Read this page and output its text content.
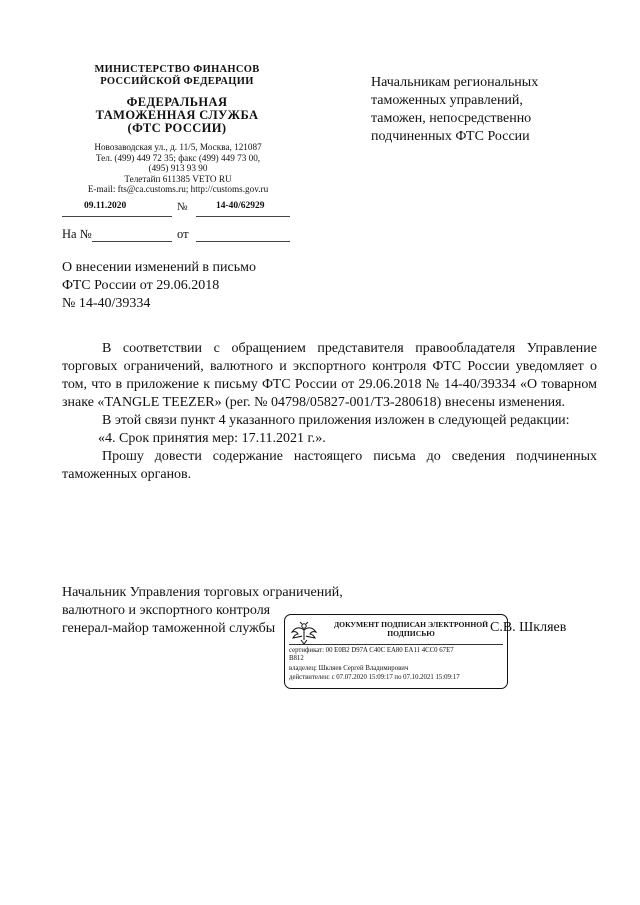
МИНИСТЕРСТВО ФИНАНСОВ
РОССИЙСКОЙ ФЕДЕРАЦИИ
ФЕДЕРАЛЬНАЯ
ТАМОЖЕННАЯ СЛУЖБА
(ФТС РОССИИ)
Новозаводская ул., д. 11/5, Москва, 121087
Тел. (499) 449 72 35; факс (499) 449 73 00,
(495) 913 93 90
Телетайп 611385 VETO RU
E-mail: fts@ca.customs.ru; http://customs.gov.ru
09.11.2020	№	14-40/62929
На №	от
Начальникам региональных
таможенных управлений,
таможен, непосредственно
подчиненных ФТС России
О внесении изменений в письмо
ФТС России от 29.06.2018
№ 14-40/39334

В соответствии с обращением представителя правообладателя Управление торговых ограничений, валютного и экспортного контроля ФТС России уведомляет о том, что в приложение к письму ФТС России от 29.06.2018 № 14-40/39334 «О товарном знаке «TANGLE TEEZER» (рег. № 04798/05827-001/ТЗ-280618) внесены изменения.

В этой связи пункт 4 указанного приложения изложен в следующей редакции:

«4. Срок принятия мер: 17.11.2021 г.».

Прошу довести содержание настоящего письма до сведения подчиненных таможенных органов.

Начальник Управления торговых ограничений,
валютного и экспортного контроля
генерал-майор таможенной службы	ДОКУМЕНТ ПОДПИСАН ЭЛЕКТРОННОЙ
ПОДПИСЬЮ
сертификат: 00 E0B2 D97A C40C EA80 EA11 4CC0 67E7
B812
владелец: Шкляев Сергей Владимирович
действителен: с 07.07.2020 15:09:17 по 07.10.2021 15:09:17
С.В. Шкляев
